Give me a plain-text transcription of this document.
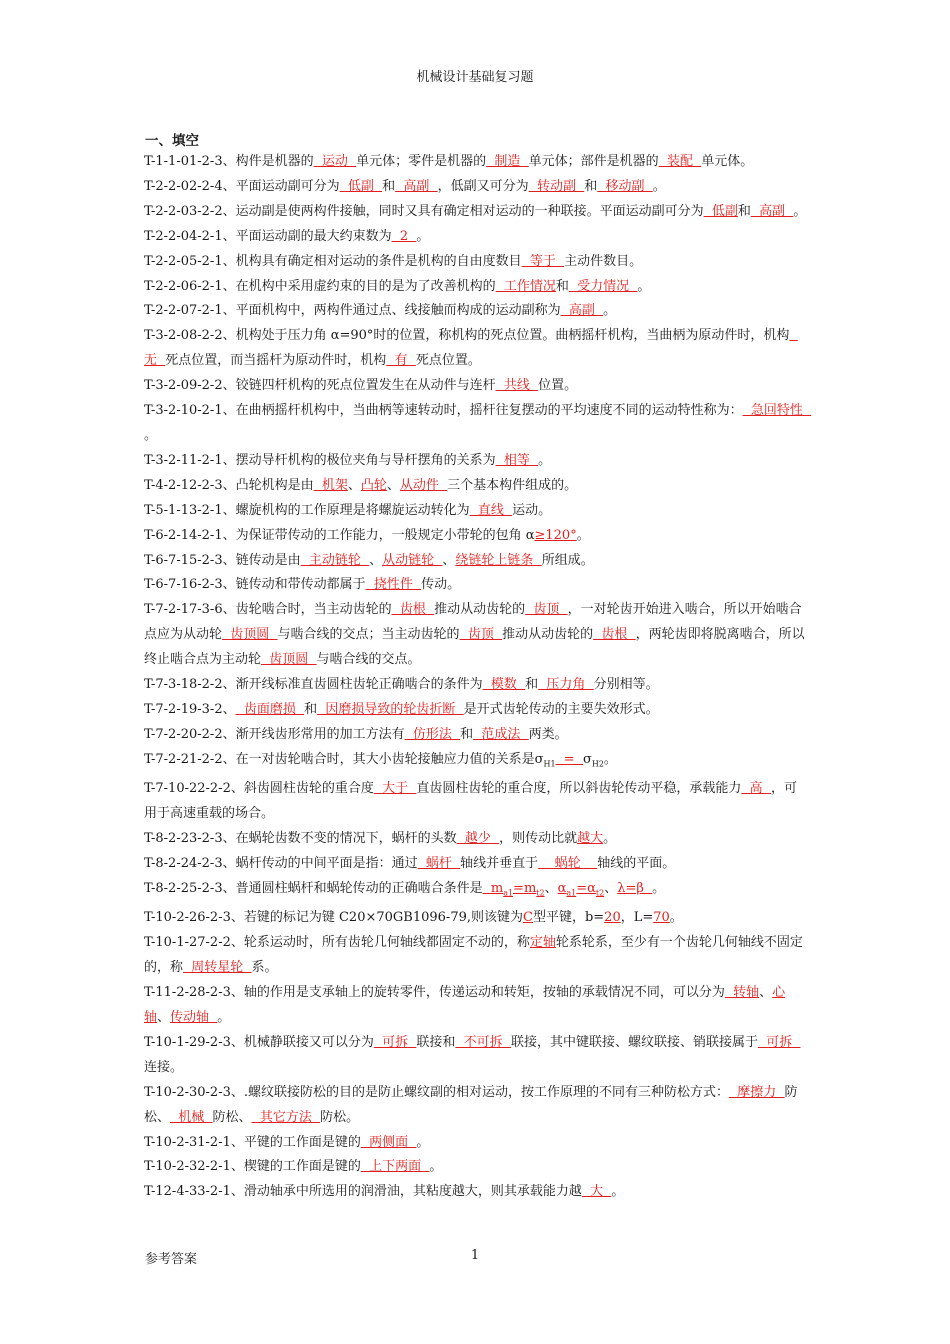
机械设计基础复习题
一、填空

T-1-1-01-2-3、构件是机器的  运动  单元体；零件是机器的  制造  单元体；部件是机器的  装配  单元体。

T-2-2-02-2-4、平面运动副可分为  低副  和  高副  ，低副又可分为  转动副  和  移动副  。

T-2-2-03-2-2、运动副是使两构件接触，同时又具有确定相对运动的一种联接。平面运动副可分为  低副和  高副  。

T-2-2-04-2-1、平面运动副的最大约束数为  2  。

T-2-2-05-2-1、机构具有确定相对运动的条件是机构的自由度数目  等于  主动件数目。

T-2-2-06-2-1、在机构中采用虚约束的目的是为了改善机构的  工作情况和  受力情况  。

T-2-2-07-2-1、平面机构中，两构件通过点、线接触而构成的运动副称为  高副  。

T-3-2-08-2-2、机构处于压力角 α=90°时的位置，称机构的死点位置。曲柄摇杆机构，当曲柄为原动件时，机构  无  死点位置，而当摇杆为原动件时，机构  有  死点位置。

T-3-2-09-2-2、铰链四杆机构的死点位置发生在从动件与连杆  共线  位置。

T-3-2-10-2-1、在曲柄摇杆机构中，当曲柄等速转动时，摇杆往复摆动的平均速度不同的运动特性称为：  急回特性  。

T-3-2-11-2-1、摆动导杆机构的极位夹角与导杆摆角的关系为  相等  。

T-4-2-12-2-3、凸轮机构是由  机架、凸轮、从动件  三个基本构件组成的。

T-5-1-13-2-1、螺旋机构的工作原理是将螺旋运动转化为  直线  运动。

T-6-2-14-2-1、为保证带传动的工作能力，一般规定小带轮的包角 α≥120°。

T-6-7-15-2-3、链传动是由  主动链轮  、从动链轮  、绕链轮上链条  所组成。

T-6-7-16-2-3、链传动和带传动都属于  挠性件  传动。

T-7-2-17-3-6、齿轮啮合时，当主动齿轮的  齿根  推动从动齿轮的  齿顶  ，一对轮齿开始进入啮合，所以开始啮合点应为从动轮  齿顶圆  与啮合线的交点；当主动齿轮的  齿顶  推动从动齿轮的  齿根  ，两轮齿即将脱离啮合，所以终止啮合点为主动轮  齿顶圆  与啮合线的交点。

T-7-3-18-2-2、渐开线标准直齿圆柱齿轮正确啮合的条件为  模数  和  压力角  分别相等。

T-7-2-19-3-2、  齿面磨损  和  因磨损导致的轮齿折断  是开式齿轮传动的主要失效形式。

T-7-2-20-2-2、渐开线齿形常用的加工方法有  仿形法  和  范成法  两类。

T-7-2-21-2-2、在一对齿轮啮合时，其大小齿轮接触应力值的关系是$\sigma_{H1} = \sigma_{H2}$。

T-7-10-22-2-2、斜齿圆柱齿轮的重合度  大于  直齿圆柱齿轮的重合度，所以斜齿轮传动平稳，承载能力  高  ，可用于高速重载的场合。

T-8-2-23-2-3、在蜗轮齿数不变的情况下，蜗杆的头数  越少  ，则传动比就越大。

T-8-2-24-2-3、蜗杆传动的中间平面是指：通过  蜗杆  轴线并垂直于    蜗轮    轴线的平面。

T-8-2-25-2-3、普通圆柱蜗杆和蜗轮传动的正确啮合条件是  $m_{a1}=m_{t2}$、$\alpha_{a1}=\alpha_{t2}$、λ=β  。

T-10-2-26-2-3、若键的标记为键 C20×70GB1096-79,则该键为C型平键，b=20，L=70。

T-10-1-27-2-2、轮系运动时，所有齿轮几何轴线都固定不动的，称定轴轮系轮系，至少有一个齿轮几何轴线不固定的，称  周转星轮  系。

T-11-2-28-2-3、轴的作用是支承轴上的旋转零件，传递运动和转矩，按轴的承载情况不同，可以分为  转轴、心轴、传动轴  。

T-10-1-29-2-3、机械静联接又可以分为  可拆  联接和  不可拆  联接，其中键联接、螺纹联接、销联接属于  可拆  连接。

T-10-2-30-2-3、.螺纹联接防松的目的是防止螺纹副的相对运动，按工作原理的不同有三种防松方式：  摩擦力  防松、  机械  防松、  其它方法  防松。

T-10-2-31-2-1、平键的工作面是键的  两侧面  。

T-10-2-32-2-1、楔键的工作面是键的  上下两面  。

T-12-4-33-2-1、滑动轴承中所选用的润滑油，其粘度越大，则其承载能力越  大  。

参考答案	1
